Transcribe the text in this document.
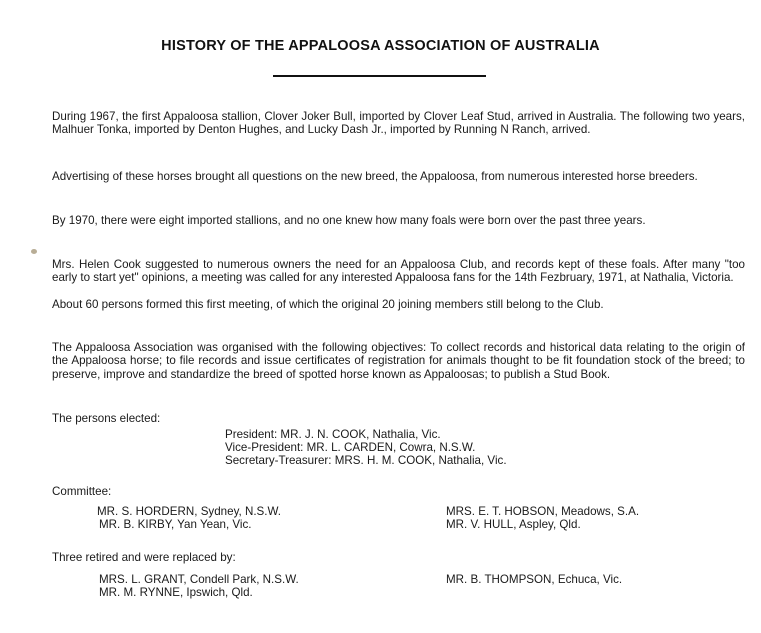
HISTORY OF THE APPALOOSA ASSOCIATION OF AUSTRALIA

During 1967, the first Appaloosa stallion, Clover Joker Bull, imported by Clover Leaf Stud, arrived in Australia. The following two years, Malhuer Tonka, imported by Denton Hughes, and Lucky Dash Jr., imported by Running N Ranch, arrived.

Advertising of these horses brought all questions on the new breed, the Appaloosa, from numerous interested horse breeders.

By 1970, there were eight imported stallions, and no one knew how many foals were born over the past three years.

Mrs. Helen Cook suggested to numerous owners the need for an Appaloosa Club, and records kept of these foals. After many "too early to start yet" opinions, a meeting was called for any interested Appaloosa fans for the 14th Fezbruary, 1971, at Nathalia, Victoria.

About 60 persons formed this first meeting, of which the original 20 joining members still belong to the Club.

The Appaloosa Association was organised with the following objectives: To collect records and historical data relating to the origin of the Appaloosa horse; to file records and issue certificates of registration for animals thought to be fit foundation stock of the breed; to preserve, improve and standardize the breed of spotted horse known as Appaloosas; to publish a Stud Book.

The persons elected:
President: MR. J. N. COOK, Nathalia, Vic.
Vice-President: MR. L. CARDEN, Cowra, N.S.W.
Secretary-Treasurer: MRS. H. M. COOK, Nathalia, Vic.
Committee:
MR. S. HORDERN, Sydney, N.S.W.
MR. B. KIRBY, Yan Yean, Vic.
MRS. E. T. HOBSON, Meadows, S.A.
MR. V. HULL, Aspley, Qld.
Three retired and were replaced by:
MRS. L. GRANT, Condell Park, N.S.W.
MR. M. RYNNE, Ipswich, Qld.
MR. B. THOMPSON, Echuca, Vic.
